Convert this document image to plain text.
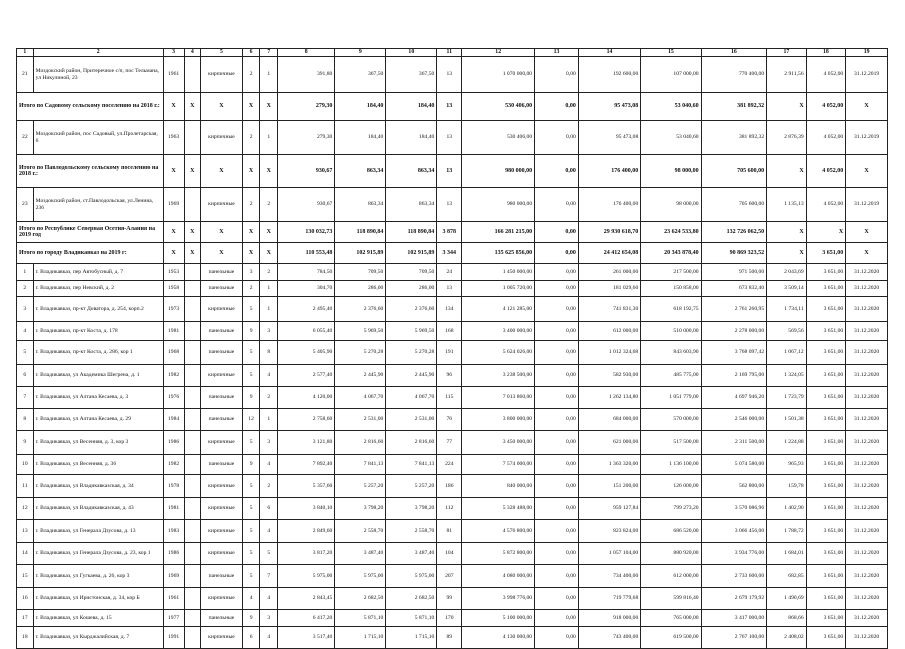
1	2	3	4	5	6	7	8	9	10	11	12	13	14	15	16	17	18	19
21	Моздокский район, Притеречное с/п, пос Тельмана, ул Никулиной, 23	1961		кирпичные	2	1	391,80	367,50	367,50	13	1 070 000,00	0,00	192 600,00	107 000,00	770 400,00	2 911,56	4 052,00	31.12.2019
Итого по Садовому сельскому поселению на 2018 г.:		X	X	X	X	X	279,30	184,40	184,40	13	530 406,00	0,00	95 473,08	53 040,60	381 892,32	X	4 052,00	X
22	Моздокский район, пос Садовый, ул.Пролетарская, 6	1963		кирпичные	2	1	279,30	184,40	184,40	13	530 406,00	0,00	95 473,08	53 040,60	381 892,32	2 876,39	4 052,00	31.12.2019
Итого по Павлодольскому сельскому поселению на 2018 г.:		X	X	X	X	X	930,67	863,34	863,34	13	980 000,00	0,00	176 400,00	98 000,00	705 600,00	X	4 052,00	X
23	Моздокский район, ст.Павлодольская, ул.Ленина, 236	1969		кирпичные	2	2	930,67	863,34	863,34	13	980 000,00	0,00	176 400,00	98 000,00	705 600,00	1 135,13	4 052,00	31.12.2019
Итого по Республике Северная Осетия-Алания на 2019 год		X	X	X	X	X	130 032,73	118 890,84	118 890,84	3 878	166 281 215,00	0,00	29 930 618,70	23 624 533,80	132 726 062,50	X	X	X
Итого по городу Владикавказ на 2019 г:		X	X	X	X	X	110 553,48	102 915,89	102 915,89	3 344	135 625 856,00	0,00	24 412 654,08	20 343 878,40	90 869 323,52	X	3 651,00	X
1	г. Владикавказ, пер Автобусный, д. 7	1953		панельные	3	2	784,50	709,50	709,50	24	1 450 000,00	0,00	261 000,00	217 500,00	971 500,00	2 043,69	3 651,00	31.12.2020
2	г. Владикавказ, пер Невский, д. 2	1958		панельные	2	1	304,70	286,00	286,00	13	1 005 720,00	0,00	181 029,60	150 858,00	673 832,40	3 509,14	3 651,00	31.12.2020
3	г. Владикавказ, пр-кт Доватора, д. 254, корп.2	1973		кирпичные	5	1	2 495,40	2 376,60	2 376,60	134	4 121 285,00	0,00	741 831,30	618 192,75	2 761 260,95	1 734,11	3 651,00	31.12.2020
4	г. Владикавказ, пр-кт Коста, д. 178	1981		панельные	9	3	6 055,40	5 969,50	5 969,50	168	3 400 000,00	0,00	612 000,00	510 000,00	2 278 000,00	569,56	3 651,00	31.12.2020
5	г. Владикавказ, пр-кт Коста, д. 286, кор 1	1968		панельные	5	8	5 405,90	5 270,28	5 270,28	191	5 624 026,00	0,00	1 012 324,68	843 603,90	3 768 097,42	1 067,12	3 651,00	31.12.2020
6	г. Владикавказ, ул Академика Шегрена, д. 1	1982		кирпичные	5	4	2 577,40	2 445,90	2 445,90	96	3 238 500,00	0,00	582 930,00	485 775,00	2 169 795,00	1 324,05	3 651,00	31.12.2020
7	г. Владикавказ, ул Алтана Кесаева, д. 3	1976		панельные	9	2	4 120,00	4 067,70	4 067,70	115	7 013 860,00	0,00	1 262 134,80	1 051 779,00	4 697 946,20	1 723,79	3 651,00	31.12.2020
8	г. Владикавказ, ул Алтана Кесаева, д. 29	1984		панельные	12	1	2 758,60	2 531,00	2 531,00	76	3 800 000,00	0,00	684 000,00	570 000,00	2 546 000,00	1 501,38	3 651,00	31.12.2020
9	г. Владикавказ, ул Весенняя, д. 3, кор 3	1986		кирпичные	5	3	3 121,80	2 816,60	2 816,60	77	3 450 000,00	0,00	621 000,00	517 500,00	2 311 500,00	1 224,88	3 651,00	31.12.2020
10	г. Владикавказ, ул Весенняя, д. 36	1982		панельные	9	4	7 892,40	7 841,13	7 841,13	224	7 574 000,00	0,00	1 363 320,00	1 136 100,00	5 074 580,00	965,93	3 651,00	31.12.2020
11	г. Владикавказ, ул Владикавказская, д. 34	1978		кирпичные	5	2	5 357,60	5 257,20	5 257,20	186	840 000,00	0,00	151 200,00	126 000,00	562 800,00	159,78	3 651,00	31.12.2020
12	г. Владикавказ, ул Владикавказская, д. 43	1981		кирпичные	5	6	3 840,10	3 798,20	3 798,20	112	5 328 488,00	0,00	959 127,84	799 273,20	3 570 086,96	1 402,90	3 651,00	31.12.2020
13	г. Владикавказ, ул Генерала Дзусова, д. 13	1983		кирпичные	5	4	2 849,60	2 558,70	2 558,70	81	4 576 800,00	0,00	823 824,00	686 520,00	3 066 456,00	1 788,72	3 651,00	31.12.2020
14	г. Владикавказ, ул Генерала Дзусова, д. 23, кор 1	1986		кирпичные	5	5	3 817,20	3 487,40	3 487,40	104	5 872 800,00	0,00	1 057 104,00	880 920,00	3 934 776,00	1 684,01	3 651,00	31.12.2020
15	г. Владикавказ, ул Гугкаева, д. 26, кор 3	1969		панельные	5	7	5 975,00	5 975,00	5 975,00	207	4 080 000,00	0,00	734 400,00	612 000,00	2 733 600,00	682,85	3 651,00	31.12.2020
16	г. Владикавказ, ул Иристонская, д. 34, кор Б	1961		кирпичные	4	4	2 843,45	2 682,50	2 682,50	99	3 998 776,00	0,00	719 779,68	599 816,40	2 679 179,92	1 490,69	3 651,00	31.12.2020
17	г. Владикавказ, ул Кошева, д. 15	1977		панельные	9	3	6 417,20	5 871,10	5 871,10	170	5 100 000,00	0,00	918 000,00	765 000,00	3 417 000,00	868,66	3 651,00	31.12.2020
18	г. Владикавказ, ул Кырджалийская, д. 7	1991		кирпичные	6	4	3 517,40	1 715,10	1 715,10	89	4 130 000,00	0,00	743 400,00	619 500,00	2 767 100,00	2 408,02	3 651,00	31.12.2020
